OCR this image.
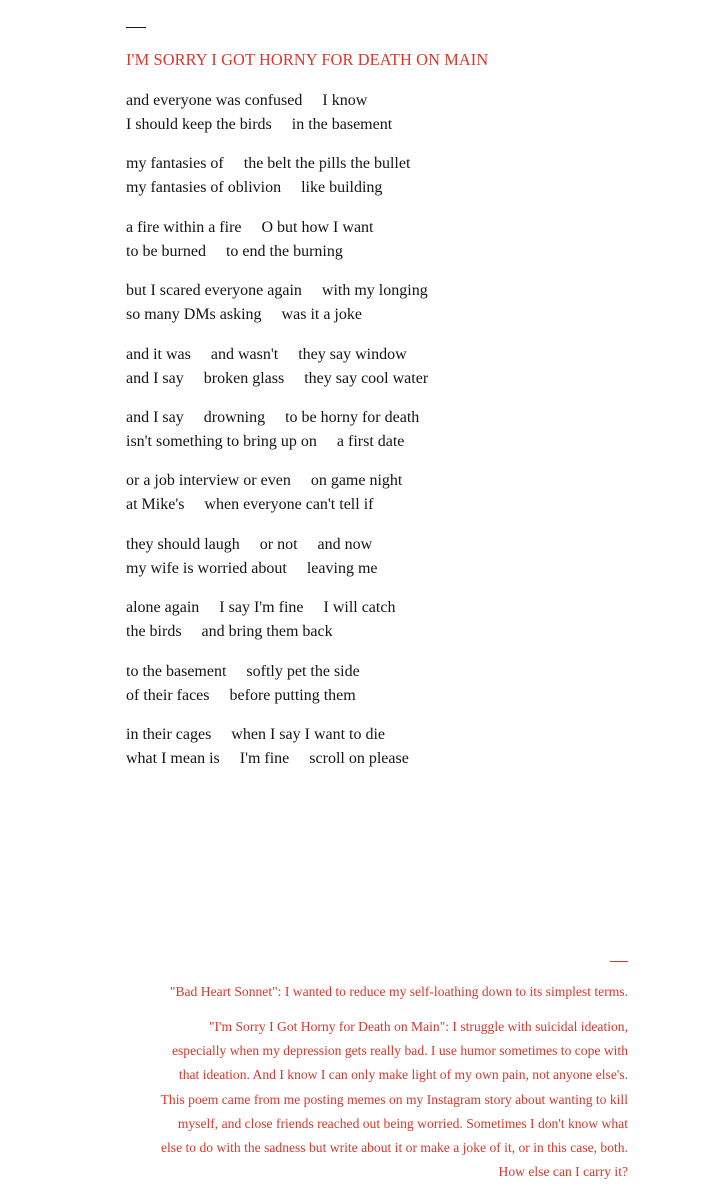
I'M SORRY I GOT HORNY FOR DEATH ON MAIN
and everyone was confused     I know
I should keep the birds     in the basement
my fantasies of     the belt the pills the bullet
my fantasies of oblivion     like building
a fire within a fire     O but how I want
to be burned     to end the burning
but I scared everyone again     with my longing
so many DMs asking     was it a joke
and it was     and wasn't     they say window
and I say     broken glass     they say cool water
and I say     drowning     to be horny for death
isn't something to bring up on     a first date
or a job interview or even     on game night
at Mike's     when everyone can't tell if
they should laugh     or not     and now
my wife is worried about     leaving me
alone again     I say I'm fine     I will catch
the birds     and bring them back
to the basement     softly pet the side
of their faces     before putting them
in their cages     when I say I want to die
what I mean is     I'm fine     scroll on please

"Bad Heart Sonnet": I wanted to reduce my self-loathing down to its simplest terms.

"I'm Sorry I Got Horny for Death on Main": I struggle with suicidal ideation,
especially when my depression gets really bad. I use humor sometimes to cope with
that ideation. And I know I can only make light of my own pain, not anyone else's.
This poem came from me posting memes on my Instagram story about wanting to kill
myself, and close friends reached out being worried. Sometimes I don't know what
else to do with the sadness but write about it or make a joke of it, or in this case, both.
How else can I carry it?
